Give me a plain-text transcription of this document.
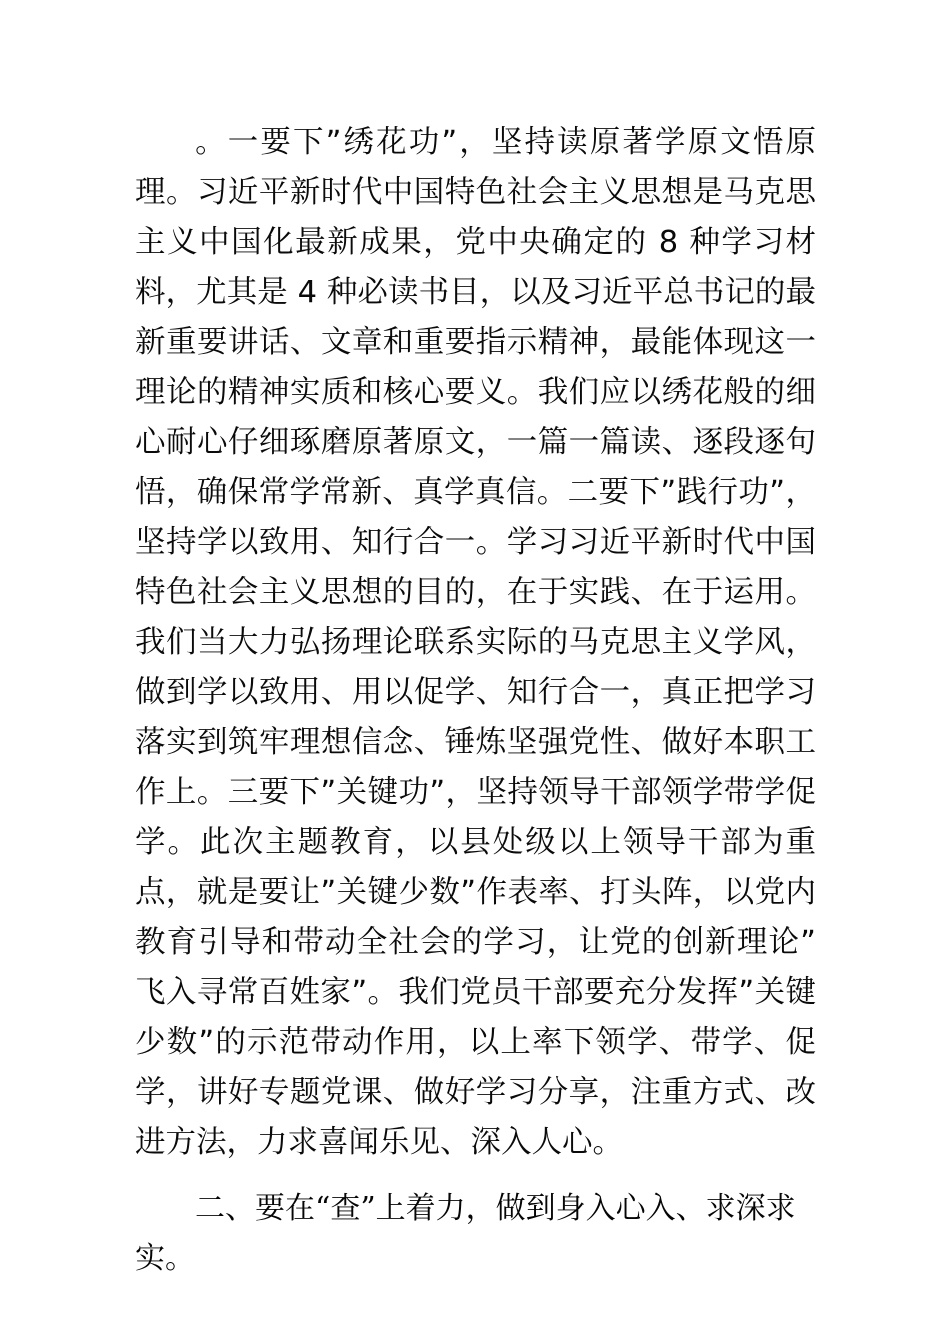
。一要下”绣花功”，坚持读原著学原文悟原理。习近平新时代中国特色社会主义思想是马克思主义中国化最新成果，党中央确定的 8 种学习材料，尤其是 4 种必读书目，以及习近平总书记的最新重要讲话、文章和重要指示精神，最能体现这一理论的精神实质和核心要义。我们应以绣花般的细心耐心仔细琢磨原著原文，一篇一篇读、逐段逐句悟，确保常学常新、真学真信。二要下”践行功”，坚持学以致用、知行合一。学习习近平新时代中国特色社会主义思想的目的，在于实践、在于运用。我们当大力弘扬理论联系实际的马克思主义学风，做到学以致用、用以促学、知行合一，真正把学习落实到筑牢理想信念、锤炼坚强党性、做好本职工作上。三要下”关键功”，坚持领导干部领学带学促学。此次主题教育，以县处级以上领导干部为重点，就是要让”关键少数”作表率、打头阵，以党内教育引导和带动全社会的学习，让党的创新理论”飞入寻常百姓家”。我们党员干部要充分发挥”关键少数”的示范带动作用，以上率下领学、带学、促学，讲好专题党课、做好学习分享，注重方式、改进方法，力求喜闻乐见、深入人心。

二、要在“查”上着力，做到身入心入、求深求实。
